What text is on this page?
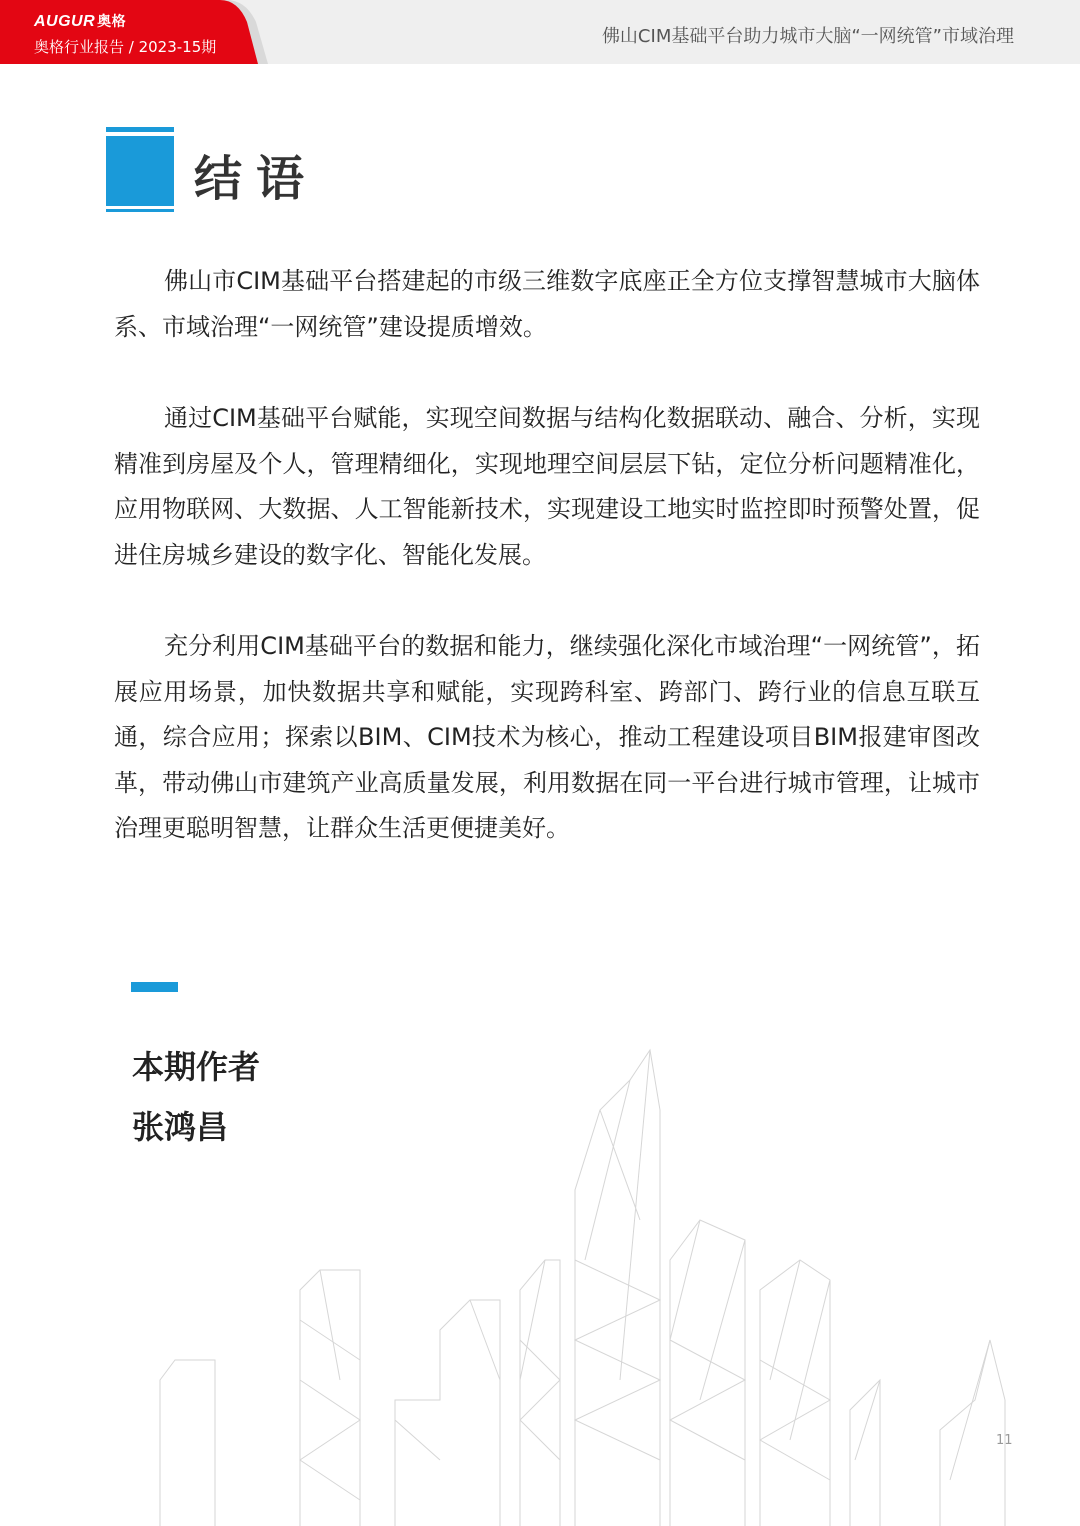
AUGUR 奥格
奥格行业报告 / 2023-15期	佛山CIM基础平台助力城市大脑“一网统管”市域治理
结语

佛山市CIM基础平台搭建起的市级三维数字底座正全方位支撑智慧城市大脑体系、市域治理“一网统管”建设提质增效。

通过CIM基础平台赋能，实现空间数据与结构化数据联动、融合、分析，实现精准到房屋及个人，管理精细化，实现地理空间层层下钻，定位分析问题精准化，应用物联网、大数据、人工智能新技术，实现建设工地实时监控即时预警处置，促进住房城乡建设的数字化、智能化发展。

充分利用CIM基础平台的数据和能力，继续强化深化市域治理“一网统管”，拓展应用场景，加快数据共享和赋能，实现跨科室、跨部门、跨行业的信息互联互通，综合应用；探索以BIM、CIM技术为核心，推动工程建设项目BIM报建审图改革，带动佛山市建筑产业高质量发展，利用数据在同一平台进行城市管理，让城市治理更聪明智慧，让群众生活更便捷美好。

本期作者
张鸿昌
11
